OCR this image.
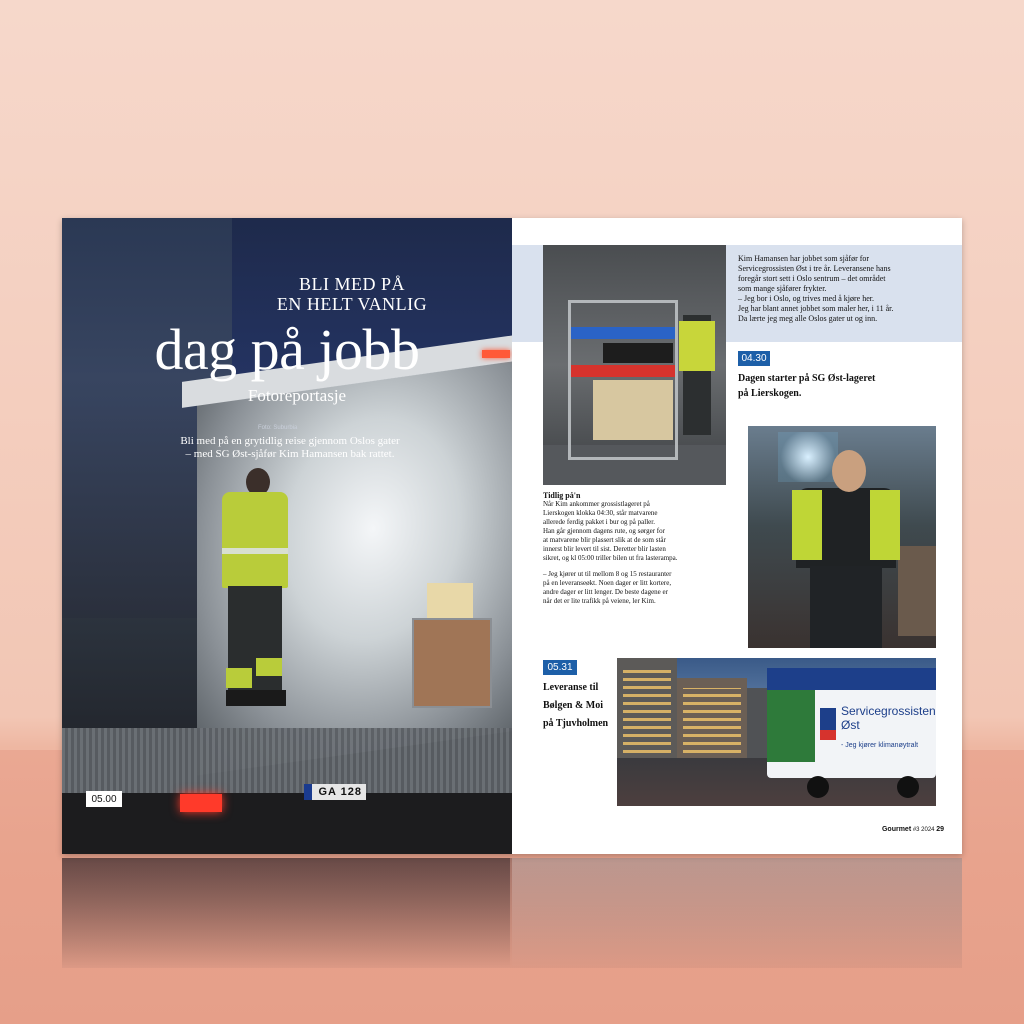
GA 128
BLI MED PÅ
EN HELT VANLIG
dag på jobb
Fotoreportasje
Foto: Suburbia
Bli med på en grytidlig reise gjennom Oslos gater
– med SG Øst-sjåfør Kim Hamansen bak rattet.
05.00
Kim Hamansen har jobbet som sjåfør for
Servicegrossisten Øst i tre år. Leveransene hans
foregår stort sett i Oslo sentrum – det området
som mange sjåfører frykter.
– Jeg bor i Oslo, og trives med å kjøre her.
Jeg har blant annet jobbet som maler her, i 11 år.
Da lærte jeg meg alle Oslos gater ut og inn.
04.30
Dagen starter på SG Øst-lageret
på Lierskogen.
Tidlig på'n
Når Kim ankommer grossistlageret på
Lierskogen klokka 04:30, står matvarene
allerede ferdig pakket i bur og på paller.
Han går gjennom dagens rute, og sørger for
at matvarene blir plassert slik at de som står
innerst blir levert til sist. Deretter blir lasten
sikret, og kl 05:00 triller bilen ut fra lasterampa.
– Jeg kjører ut til mellom 8 og 15 restauranter
på en leveranseøkt. Noen dager er litt kortere,
andre dager er litt lenger. De beste dagene er
når det er lite trafikk på veiene, ler Kim.
05.31
Leveranse til
Bølgen & Moi
på Tjuvholmen
Servicegrossisten
Øst
- Jeg kjører klimanøytralt
Gourmet #3 2024 29
